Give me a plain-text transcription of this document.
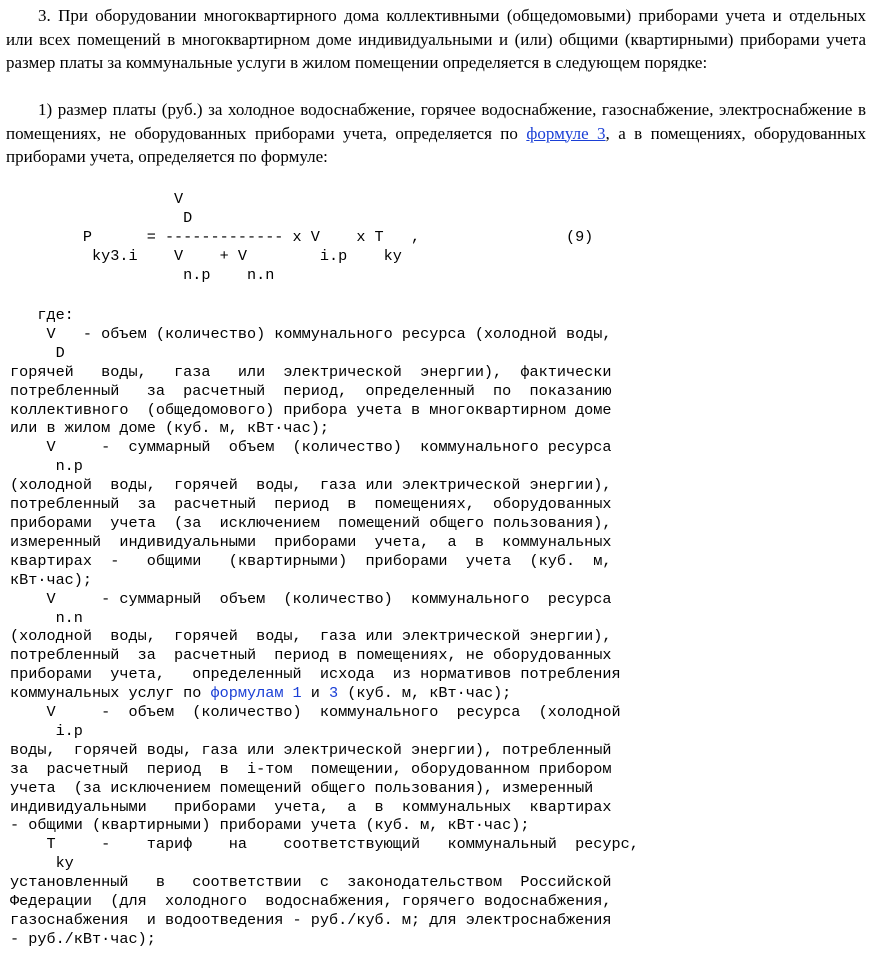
3. При оборудовании многоквартирного дома коллективными (общедомовыми) приборами учета и отдельных или всех помещений в многоквартирном доме индивидуальными и (или) общими (квартирными) приборами учета размер платы за коммунальные услуги в жилом помещении определяется в следующем порядке:

1) размер платы (руб.) за холодное водоснабжение, горячее водоснабжение, газоснабжение, электроснабжение в помещениях, не оборудованных приборами учета, определяется по формуле 3, а в помещениях, оборудованных приборами учета, определяется по формуле:

V
D
P      = ------------- x V    x T   ,                (9)
ky3.i    V    + V        i.p    ky
n.p    n.n
где:
V   - объем (количество) коммунального ресурса (холодной воды,
D
горячей   воды,   газа   или  электрической  энергии),  фактически
потребленный   за  расчетный  период,  определенный  по  показанию
коллективного  (общедомового) прибора учета в многоквартирном доме
или в жилом доме (куб. м, кВт·час);
V     -  суммарный  объем  (количество)  коммунального ресурса
n.p
(холодной  воды,  горячей  воды,  газа или электрической энергии),
потребленный  за  расчетный  период  в  помещениях,  оборудованных
приборами  учета  (за  исключением  помещений общего пользования),
измеренный  индивидуальными  приборами  учета,  а  в  коммунальных
квартирах  -   общими   (квартирными)  приборами  учета  (куб.  м,
кВт·час);
V     - суммарный  объем  (количество)  коммунального  ресурса
n.n
(холодной  воды,  горячей  воды,  газа или электрической энергии),
потребленный  за  расчетный  период в помещениях, не оборудованных
приборами  учета,   определенный  исхода  из нормативов потребления
коммунальных услуг по формулам 1 и 3 (куб. м, кВт·час);
V     -  объем  (количество)  коммунального  ресурса  (холодной
i.p
воды,  горячей воды, газа или электрической энергии), потребленный
за  расчетный  период  в  i-том  помещении, оборудованном прибором
учета  (за исключением помещений общего пользования), измеренный
индивидуальными   приборами  учета,  а  в  коммунальных  квартирах
- общими (квартирными) приборами учета (куб. м, кВт·час);
T     -    тариф    на    соответствующий   коммунальный  ресурс,
ky
установленный   в   соответствии  с  законодательством  Российской
Федерации  (для  холодного  водоснабжения, горячего водоснабжения,
газоснабжения  и водоотведения - руб./куб. м; для электроснабжения
- руб./кВт·час);
